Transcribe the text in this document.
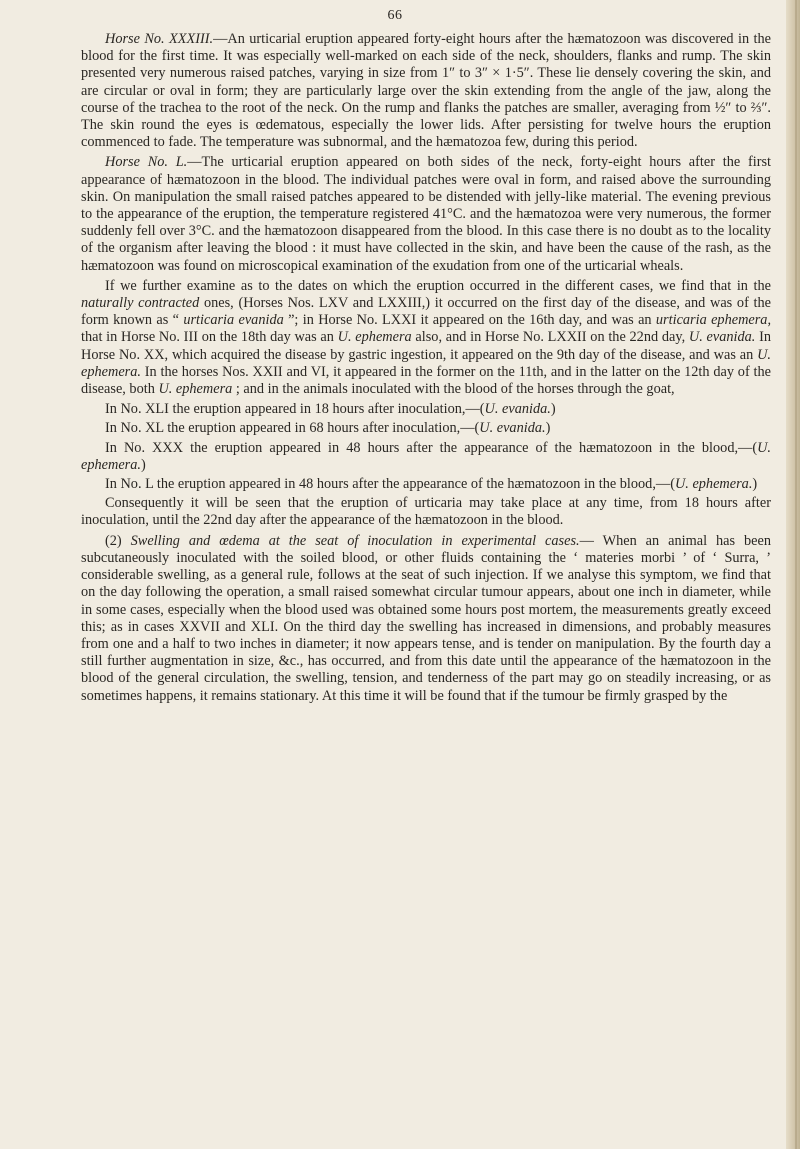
66

Horse No. XXXIII.—An urticarial eruption appeared forty-eight hours after the hæmatozoon was discovered in the blood for the first time. It was especially well-marked on each side of the neck, shoulders, flanks and rump. The skin presented very numerous raised patches, varying in size from 1″ to 3″ × 1·5″. These lie densely covering the skin, and are circular or oval in form; they are particularly large over the skin extending from the angle of the jaw, along the course of the trachea to the root of the neck. On the rump and flanks the patches are smaller, averaging from ½″ to ⅔″. The skin round the eyes is œdematous, especially the lower lids. After persisting for twelve hours the eruption commenced to fade. The temperature was subnormal, and the hæmatozoa few, during this period.

Horse No. L.—The urticarial eruption appeared on both sides of the neck, forty-eight hours after the first appearance of hæmatozoon in the blood. The individual patches were oval in form, and raised above the surrounding skin. On manipulation the small raised patches appeared to be distended with jelly-like material. The evening previous to the appearance of the eruption, the temperature registered 41°C. and the hæmatozoa were very numerous, the former suddenly fell over 3°C. and the hæmatozoon disappeared from the blood. In this case there is no doubt as to the locality of the organism after leaving the blood : it must have collected in the skin, and have been the cause of the rash, as the hæmatozoon was found on microscopical examination of the exudation from one of the urticarial wheals.

If we further examine as to the dates on which the eruption occurred in the different cases, we find that in the naturally contracted ones, (Horses Nos. LXV and LXXIII,) it occurred on the first day of the disease, and was of the form known as “ urticaria evanida ”; in Horse No. LXXI it appeared on the 16th day, and was an urticaria ephemera, that in Horse No. III on the 18th day was an U. ephemera also, and in Horse No. LXXII on the 22nd day, U. evanida. In Horse No. XX, which acquired the disease by gastric ingestion, it appeared on the 9th day of the disease, and was an U. ephemera. In the horses Nos. XXII and VI, it appeared in the former on the 11th, and in the latter on the 12th day of the disease, both U. ephemera ; and in the animals inoculated with the blood of the horses through the goat,

In No. XLI the eruption appeared in 18 hours after inoculation,—(U. evanida.)

In No. XL the eruption appeared in 68 hours after inoculation,—(U. evanida.)

In No. XXX the eruption appeared in 48 hours after the appearance of the hæmatozoon in the blood,—(U. ephemera.)

In No. L the eruption appeared in 48 hours after the appearance of the hæmatozoon in the blood,—(U. ephemera.)

Consequently it will be seen that the eruption of urticaria may take place at any time, from 18 hours after inoculation, until the 22nd day after the appearance of the hæmatozoon in the blood.

(2) Swelling and œdema at the seat of inoculation in experimental cases.— When an animal has been subcutaneously inoculated with the soiled blood, or other fluids containing the ‘ materies morbi ’ of ‘ Surra, ’ considerable swelling, as a general rule, follows at the seat of such injection. If we analyse this symptom, we find that on the day following the operation, a small raised somewhat circular tumour appears, about one inch in diameter, while in some cases, especially when the blood used was obtained some hours post mortem, the measurements greatly exceed this; as in cases XXVII and XLI. On the third day the swelling has increased in dimensions, and probably measures from one and a half to two inches in diameter; it now appears tense, and is tender on manipulation. By the fourth day a still further augmentation in size, &c., has occurred, and from this date until the appearance of the hæmatozoon in the blood of the general circulation, the swelling, tension, and tenderness of the part may go on steadily increasing, or as sometimes happens, it remains stationary. At this time it will be found that if the tumour be firmly grasped by the
